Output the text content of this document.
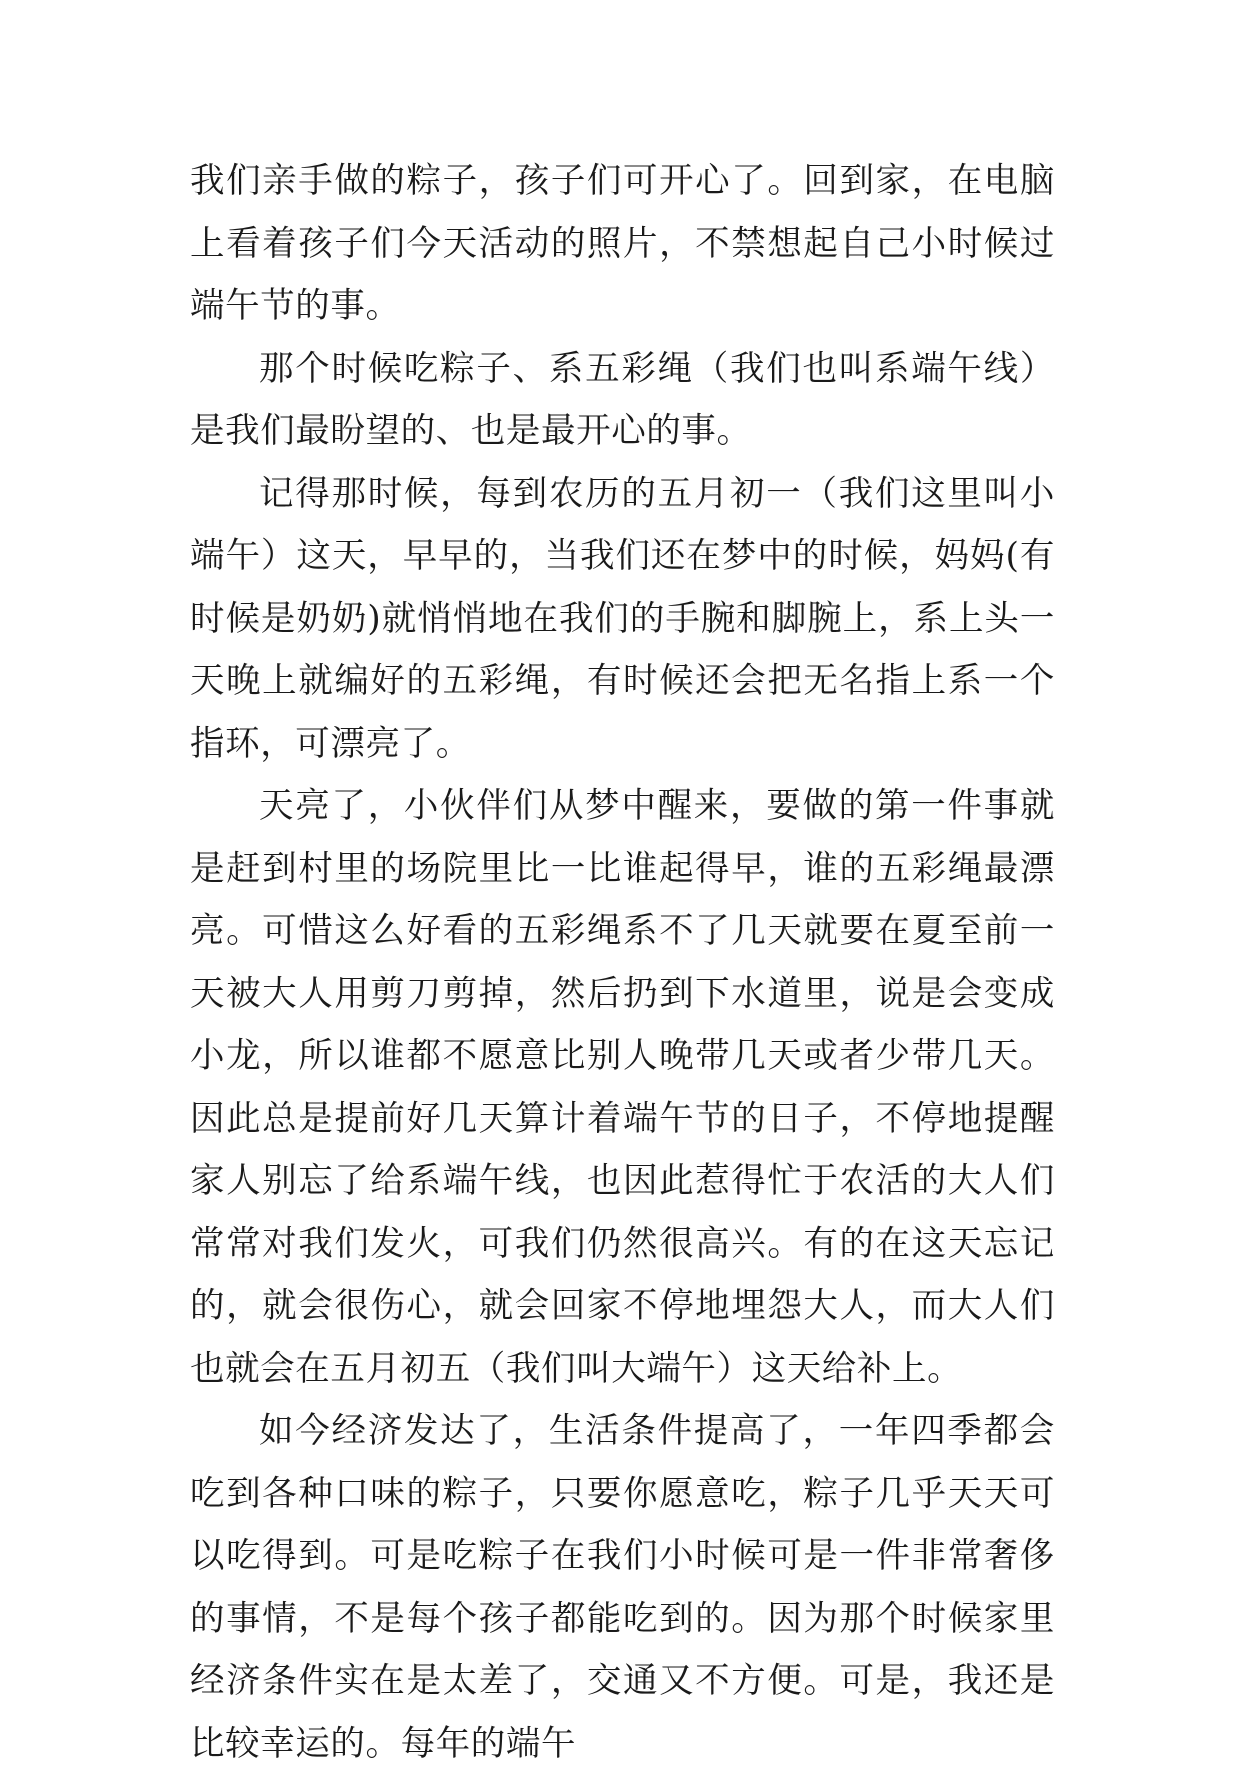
我们亲手做的粽子，孩子们可开心了。回到家，在电脑上看着孩子们今天活动的照片，不禁想起自己小时候过端午节的事。

那个时候吃粽子、系五彩绳（我们也叫系端午线）是我们最盼望的、也是最开心的事。

记得那时候，每到农历的五月初一（我们这里叫小端午）这天，早早的，当我们还在梦中的时候，妈妈(有时候是奶奶)就悄悄地在我们的手腕和脚腕上，系上头一天晚上就编好的五彩绳，有时候还会把无名指上系一个指环，可漂亮了。

天亮了，小伙伴们从梦中醒来，要做的第一件事就是赶到村里的场院里比一比谁起得早，谁的五彩绳最漂亮。可惜这么好看的五彩绳系不了几天就要在夏至前一天被大人用剪刀剪掉，然后扔到下水道里，说是会变成小龙，所以谁都不愿意比别人晚带几天或者少带几天。因此总是提前好几天算计着端午节的日子，不停地提醒家人别忘了给系端午线，也因此惹得忙于农活的大人们常常对我们发火，可我们仍然很高兴。有的在这天忘记的，就会很伤心，就会回家不停地埋怨大人，而大人们也就会在五月初五（我们叫大端午）这天给补上。

如今经济发达了，生活条件提高了，一年四季都会吃到各种口味的粽子，只要你愿意吃，粽子几乎天天可以吃得到。可是吃粽子在我们小时候可是一件非常奢侈的事情，不是每个孩子都能吃到的。因为那个时候家里经济条件实在是太差了，交通又不方便。可是，我还是比较幸运的。每年的端午
